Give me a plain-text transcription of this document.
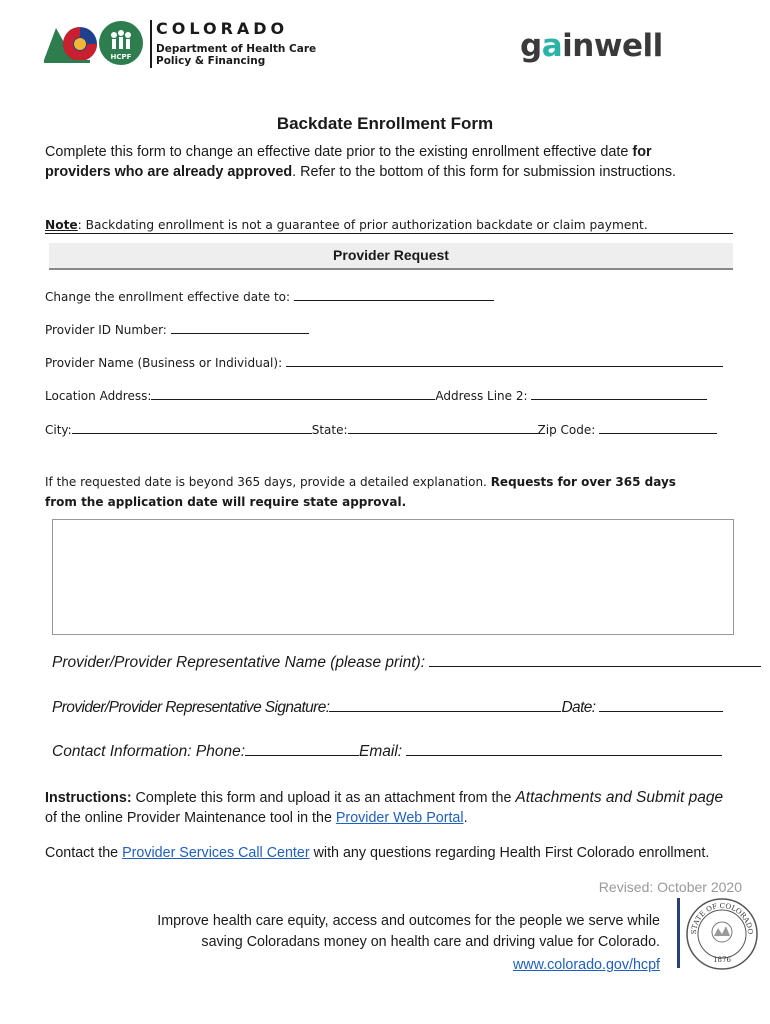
HCPF
COLORADO
Department of Health Care
Policy & Financing	gainwell
Backdate Enrollment Form
Complete this form to change an effective date prior to the existing enrollment effective date for providers who are already approved. Refer to the bottom of this form for submission instructions.
Note: Backdating enrollment is not a guarantee of prior authorization backdate or claim payment.
Provider Request
Change the enrollment effective date to:
Provider ID Number:
Provider Name (Business or Individual):
Location Address:	Address Line 2:
City:	State:	Zip Code:
If the requested date is beyond 365 days, provide a detailed explanation. Requests for over 365 days from the application date will require state approval.
Provider/Provider Representative Name (please print):
Provider/Provider Representative Signature:	Date:
Contact Information: Phone:	Email:
Instructions: Complete this form and upload it as an attachment from the Attachments and Submit page of the online Provider Maintenance tool in the Provider Web Portal.
Contact the Provider Services Call Center with any questions regarding Health First Colorado enrollment.
Revised: October 2020
Improve health care equity, access and outcomes for the people we serve while
saving Coloradans money on health care and driving value for Colorado.
www.colorado.gov/hcpf
STATE OF COLORADO
1876
